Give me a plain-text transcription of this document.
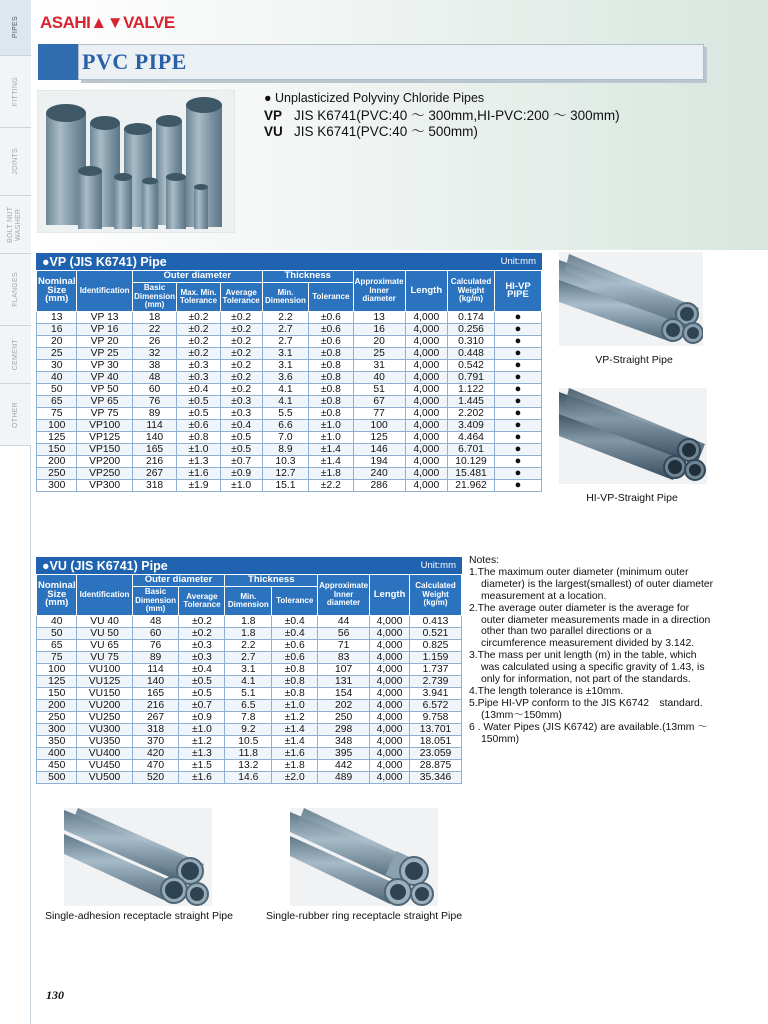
PIPES
FITTING
JOINTS
BOLT NUT WASHER
FLANGES
CEMENT
OTHER
ASAHI▲▼VALVE
PVC PIPE
● Unplasticized Polyviny Chloride Pipes
VP JIS K6741(PVC:40 ～ 300mm,HI-PVC:200 ～ 300mm)
VU JIS K6741(PVC:40 ～ 500mm)
●VP (JIS K6741) Pipe	Unit:mm
Nominal Size (mm)	Identification	Outer diameter			Thickness		Approximate Inner diameter	Length	Calculated Weight (kg/m)	HI-VP PIPE
		Basic Dimension (mm)	Max. Min. Tolerance	Average Tolerance	Min. Dimension	Tolerance				
13	VP 13	18	±0.2	±0.2	2.2	±0.6	13	4,000	0.174	●
16	VP 16	22	±0.2	±0.2	2.7	±0.6	16	4,000	0.256	●
20	VP 20	26	±0.2	±0.2	2.7	±0.6	20	4,000	0.310	●
25	VP 25	32	±0.2	±0.2	3.1	±0.8	25	4,000	0.448	●
30	VP 30	38	±0.3	±0.2	3.1	±0.8	31	4,000	0.542	●
40	VP 40	48	±0.3	±0.2	3.6	±0.8	40	4,000	0.791	●
50	VP 50	60	±0.4	±0.2	4.1	±0.8	51	4,000	1.122	●
65	VP 65	76	±0.5	±0.3	4.1	±0.8	67	4,000	1.445	●
75	VP 75	89	±0.5	±0.3	5.5	±0.8	77	4,000	2.202	●
100	VP100	114	±0.6	±0.4	6.6	±1.0	100	4,000	3.409	●
125	VP125	140	±0.8	±0.5	7.0	±1.0	125	4,000	4.464	●
150	VP150	165	±1.0	±0.5	8.9	±1.4	146	4,000	6.701	●
200	VP200	216	±1.3	±0.7	10.3	±1.4	194	4,000	10.129	●
250	VP250	267	±1.6	±0.9	12.7	±1.8	240	4,000	15.481	●
300	VP300	318	±1.9	±1.0	15.1	±2.2	286	4,000	21.962	●
VP-Straight Pipe
HI-VP-Straight Pipe
●VU (JIS K6741) Pipe	Unit:mm
Nominal Size (mm)	Identification	Outer diameter		Thickness		Approximate Inner diameter	Length	Calculated Weight (kg/m)
		Basic Dimension (mm)	Average Tolerance	Min. Dimension	Tolerance			
40	VU 40	48	±0.2	1.8	±0.4	44	4,000	0.413
50	VU 50	60	±0.2	1.8	±0.4	56	4,000	0.521
65	VU 65	76	±0.3	2.2	±0.6	71	4,000	0.825
75	VU 75	89	±0.3	2.7	±0.6	83	4,000	1.159
100	VU100	114	±0.4	3.1	±0.8	107	4,000	1.737
125	VU125	140	±0.5	4.1	±0.8	131	4,000	2.739
150	VU150	165	±0.5	5.1	±0.8	154	4,000	3.941
200	VU200	216	±0.7	6.5	±1.0	202	4,000	6.572
250	VU250	267	±0.9	7.8	±1.2	250	4,000	9.758
300	VU300	318	±1.0	9.2	±1.4	298	4,000	13.701
350	VU350	370	±1.2	10.5	±1.4	348	4,000	18.051
400	VU400	420	±1.3	11.8	±1.6	395	4,000	23.059
450	VU450	470	±1.5	13.2	±1.8	442	4,000	28.875
500	VU500	520	±1.6	14.6	±2.0	489	4,000	35.346
Notes:
1.The maximum outer diameter (minimum outer diameter) is the largest(smallest) of outer diameter measurement at a location.
2.The average outer diameter is the average for outer diameter measurements made in a direction other than two parallel directions or a circumference measurement divided by 3.142.
3.The mass per unit length (m) in the table, which was calculated using a specific gravity of 1.43, is only for information, not part of the standards.
4.The length tolerance is ±10mm.
5.Pipe HI-VP conform to the JIS K6742　standard.(13mm～150mm)
6 . Water Pipes (JIS K6742) are available.(13mm ～150mm)
Single-adhesion receptacle straight Pipe	Single-rubber ring receptacle straight Pipe
130
